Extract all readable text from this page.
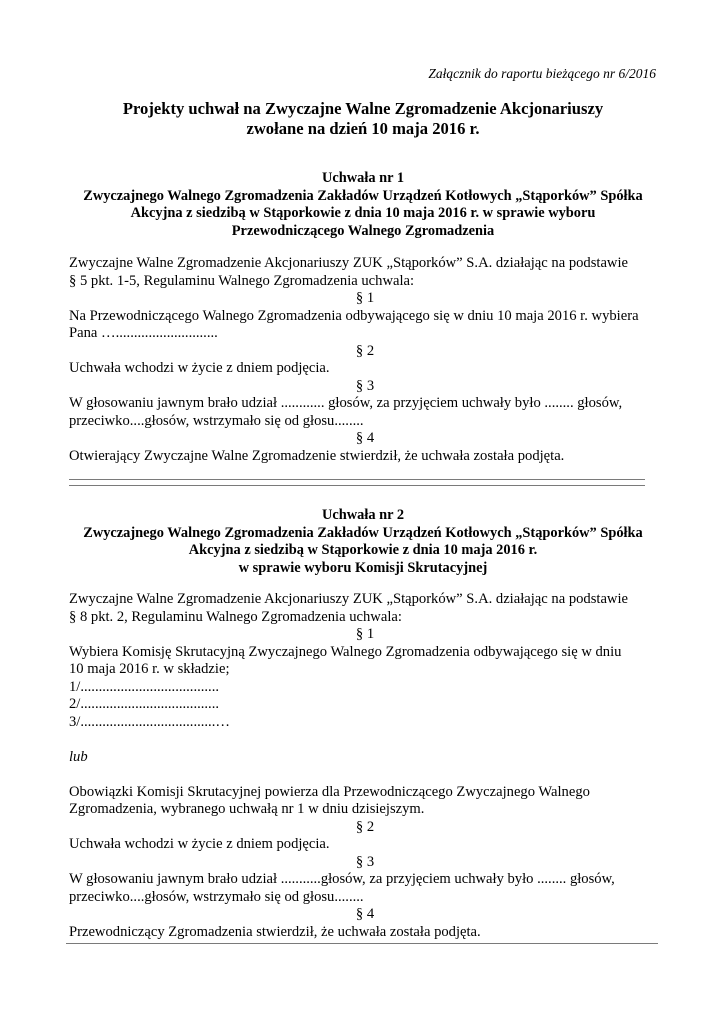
Załącznik do raportu bieżącego nr 6/2016
Projekty uchwał na Zwyczajne Walne Zgromadzenie Akcjonariuszy
zwołane na dzień 10 maja 2016 r.
Uchwała nr 1
Zwyczajnego Walnego Zgromadzenia Zakładów Urządzeń Kotłowych „Stąporków” Spółka
Akcyjna z siedzibą w Stąporkowie z dnia 10 maja 2016 r. w sprawie wyboru
Przewodniczącego Walnego Zgromadzenia
Zwyczajne Walne Zgromadzenie Akcjonariuszy ZUK „Stąporków” S.A. działając na podstawie
§ 5 pkt. 1-5, Regulaminu Walnego Zgromadzenia uchwala:
§ 1
Na Przewodniczącego Walnego Zgromadzenia odbywającego się w dniu 10 maja 2016 r. wybiera
Pana …............................
§ 2
Uchwała wchodzi w życie z dniem podjęcia.
§ 3
W głosowaniu jawnym brało udział ............ głosów, za przyjęciem uchwały było ........ głosów,
przeciwko....głosów, wstrzymało się od głosu........
§ 4
Otwierający Zwyczajne Walne Zgromadzenie stwierdził, że uchwała została podjęta.
Uchwała nr 2
Zwyczajnego Walnego Zgromadzenia Zakładów Urządzeń Kotłowych „Stąporków” Spółka
Akcyjna z siedzibą w Stąporkowie z dnia 10 maja 2016 r.
w sprawie wyboru Komisji Skrutacyjnej
Zwyczajne Walne Zgromadzenie Akcjonariuszy ZUK „Stąporków” S.A. działając na podstawie
§ 8 pkt. 2, Regulaminu Walnego Zgromadzenia uchwala:
§ 1
Wybiera Komisję Skrutacyjną Zwyczajnego Walnego Zgromadzenia odbywającego się w dniu
10 maja 2016 r. w składzie;
1/......................................
2/......................................
3/.....................................…
lub
Obowiązki Komisji Skrutacyjnej powierza dla Przewodniczącego Zwyczajnego Walnego
Zgromadzenia, wybranego uchwałą nr 1 w dniu dzisiejszym.
§ 2
Uchwała wchodzi w życie z dniem podjęcia.
§ 3
W głosowaniu jawnym brało udział ...........głosów, za przyjęciem uchwały było ........ głosów,
przeciwko....głosów, wstrzymało się od głosu........
§ 4
Przewodniczący Zgromadzenia stwierdził, że uchwała została podjęta.
